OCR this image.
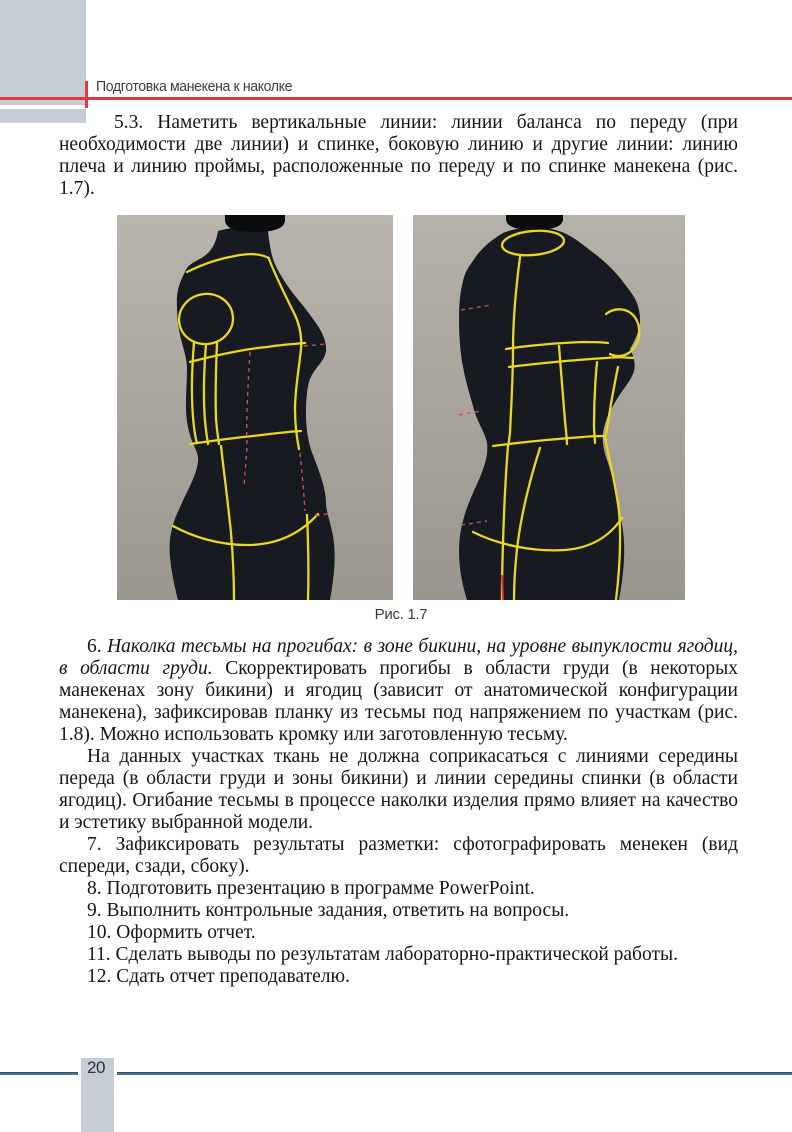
Подготовка манекена к наколке

5.3. Наметить вертикальные линии: линии баланса по переду (при необходимости две линии) и спинке, боковую линию и другие линии: линию плеча и линию проймы, расположенные по переду и по спинке манекена (рис. 1.7).

Рис. 1.7

6. Наколка тесьмы на прогибах: в зоне бикини, на уровне выпуклости ягодиц, в области груди. Скорректировать прогибы в области груди (в некоторых манекенах зону бикини) и ягодиц (зависит от анатомической конфигурации манекена), зафиксировав планку из тесьмы под напряжением по участкам (рис. 1.8). Можно использовать кромку или заготовленную тесьму.

На данных участках ткань не должна соприкасаться с линиями середины переда (в области груди и зоны бикини) и линии середины спинки (в области ягодиц). Огибание тесьмы в процессе наколки изделия прямо влияет на качество и эстетику выбранной модели.

7. Зафиксировать результаты разметки: сфотографировать менекен (вид спереди, сзади, сбоку).

8. Подготовить презентацию в программе PowerPoint.

9. Выполнить контрольные задания, ответить на вопросы.

10. Оформить отчет.

11. Сделать выводы по результатам лабораторно-практической работы.

12. Сдать отчет преподавателю.

20
